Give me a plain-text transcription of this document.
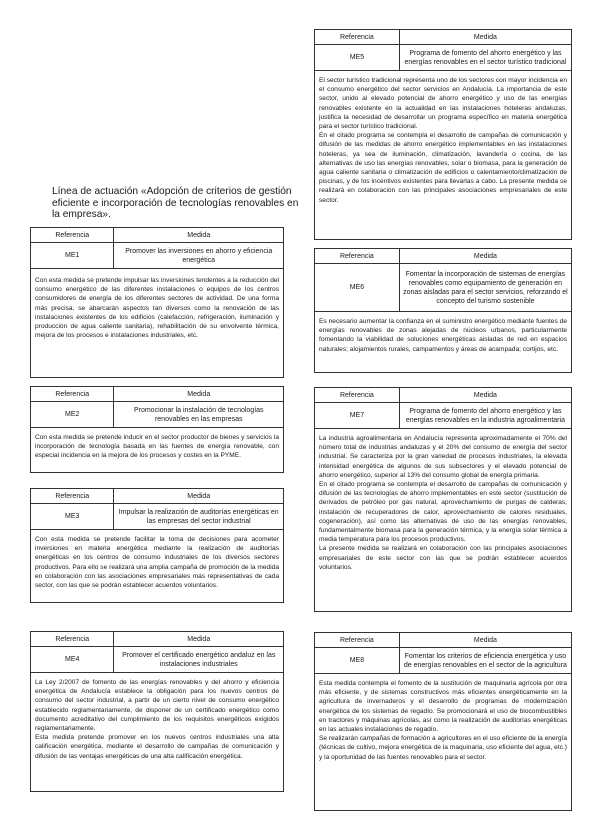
Línea de actuación «Adopción de criterios de gestión eficiente e incorporación de tecnologías renovables en la empresa».

Referencia	Medida
ME1	Promover las inversiones en ahorro y eficiencia energética

Con esta medida se pretende impulsar las inversiones tendentes a la reducción del consumo energético de las diferentes instalaciones o equipos de los centros consumidores de energía de los diferentes sectores de actividad. De una forma más precisa, se abarcarán aspectos tan diversos como la renovación de las instalaciones existentes de los edificios (calefacción, refrigeración, iluminación y producción de agua caliente sanitaria), rehabilitación de su envolvente térmica, mejora de los procesos e instalaciones industriales, etc.

Referencia	Medida
ME2	Promocionar la instalación de tecnologías renovables en las empresas

Con esta medida se pretende inducir en el sector productor de bienes y servicios la incorporación de tecnología basada en las fuentes de energía renovable, con especial incidencia en la mejora de los procesos y costes en la PYME.

Referencia	Medida
ME3	Impulsar la realización de auditorías energéticas en las empresas del sector industrial

Con esta medida se pretende facilitar la toma de decisiones para acometer inversiones en materia energética mediante la realización de auditorías energéticas en los centros de consumo industriales de los diversos sectores productivos. Para ello se realizará una amplia campaña de promoción de la medida en colaboración con las asociaciones empresariales más representativas de cada sector, con las que se podrán establecer acuerdos voluntarios.

Referencia	Medida
ME4	Promover el certificado energético andaluz en las instalaciones industriales

La Ley 2/2007 de fomento de las energías renovables y del ahorro y eficiencia energética de Andalucía establece la obligación para los nuevos centros de consumo del sector industrial, a partir de un cierto nivel de consumo energético establecido reglamentariamente, de disponer de un certificado energético como documento acreditativo del cumplimiento de los requisitos energéticos exigidos reglamentariamente.

Esta medida pretende promover en los nuevos centros industriales una alta calificación energética, mediante el desarrollo de campañas de comunicación y difusión de las ventajas energéticas de una alta calificación energética.

Referencia	Medida
ME5	Programa de fomento del ahorro energético y las energías renovables en el sector turístico tradicional

El sector turístico tradicional representa uno de los sectores con mayor incidencia en el consumo energético del sector servicios en Andalucía. La importancia de este sector, unido al elevado potencial de ahorro energético y uso de las energías renovables existente en la actualidad en las instalaciones hoteleras andaluzas, justifica la necesidad de desarrollar un programa específico en materia energética para el sector turístico tradicional.

En el citado programa se contempla el desarrollo de campañas de comunicación y difusión de las medidas de ahorro energético implementables en las instalaciones hoteleras, ya sea de iluminación, climatización, lavandería o cocina, de las alternativas de uso las energías renovables, solar o biomasa, para la generación de agua caliente sanitaria o climatización de edificios o calentamiento/climatización de piscinas, y de los incentivos existentes para llevarlas a cabo. La presente medida se realizará en colaboración con las principales asociaciones empresariales de este sector.

Referencia	Medida
ME6	Fomentar la incorporación de sistemas de energías renovables como equipamiento de generación en zonas aisladas para el sector servicios, reforzando el concepto del turismo sostenible

Es necesario aumentar la confianza en el suministro energético mediante fuentes de energías renovables de zonas alejadas de núcleos urbanos, particularmente fomentando la viabilidad de soluciones energéticas aisladas de red en espacios naturales; alojamientos rurales, campamentos y áreas de acampada; cortijos, etc.

Referencia	Medida
ME7	Programa de fomento del ahorro energético y las energías renovables en la industria agroalimentaria

La industria agroalimentaria en Andalucía representa aproximadamente el 70% del número total de industrias andaluzas y el 20% del consumo de energía del sector industrial. Se caracteriza por la gran variedad de procesos industriales, la elevada intensidad energética de algunos de sus subsectores y el elevado potencial de ahorro energético, superior al 13% del consumo global de energía primaria.

En el citado programa se contempla el desarrollo de campañas de comunicación y difusión de las tecnologías de ahorro implementables en este sector (sustitución de derivados de petróleo por gas natural, aprovechamiento de purgas de calderas, instalación de recuperadores de calor, aprovechamiento de calores residuales, cogeneración), así como las alternativas de uso de las energías renovables, fundamentalmente biomasa para la generación térmica, y la energía solar térmica a media temperatura para los procesos productivos.

La presente medida se realizará en colaboración con las principales asociaciones empresariales de este sector con las que se podrán establecer acuerdos voluntarios.

Referencia	Medida
ME8	Fomentar los criterios de eficiencia energética y uso de energías renovables en el sector de la agricultura

Esta medida contempla el fomento de la sustitución de maquinaria agrícola por otra más eficiente, y de sistemas constructivos más eficientes energéticamente en la agricultura de invernaderos y el desarrollo de programas de modernización energética de los sistemas de regadío. Se promocionará el uso de biocombustibles en tractores y máquinas agrícolas, así como la realización de auditorías energéticas en las actuales instalaciones de regadío.

Se realizarán campañas de formación a agricultores en el uso eficiente de la energía (técnicas de cultivo, mejora energética de la maquinaria, uso eficiente del agua, etc.) y la oportunidad de las fuentes renovables para el sector.
